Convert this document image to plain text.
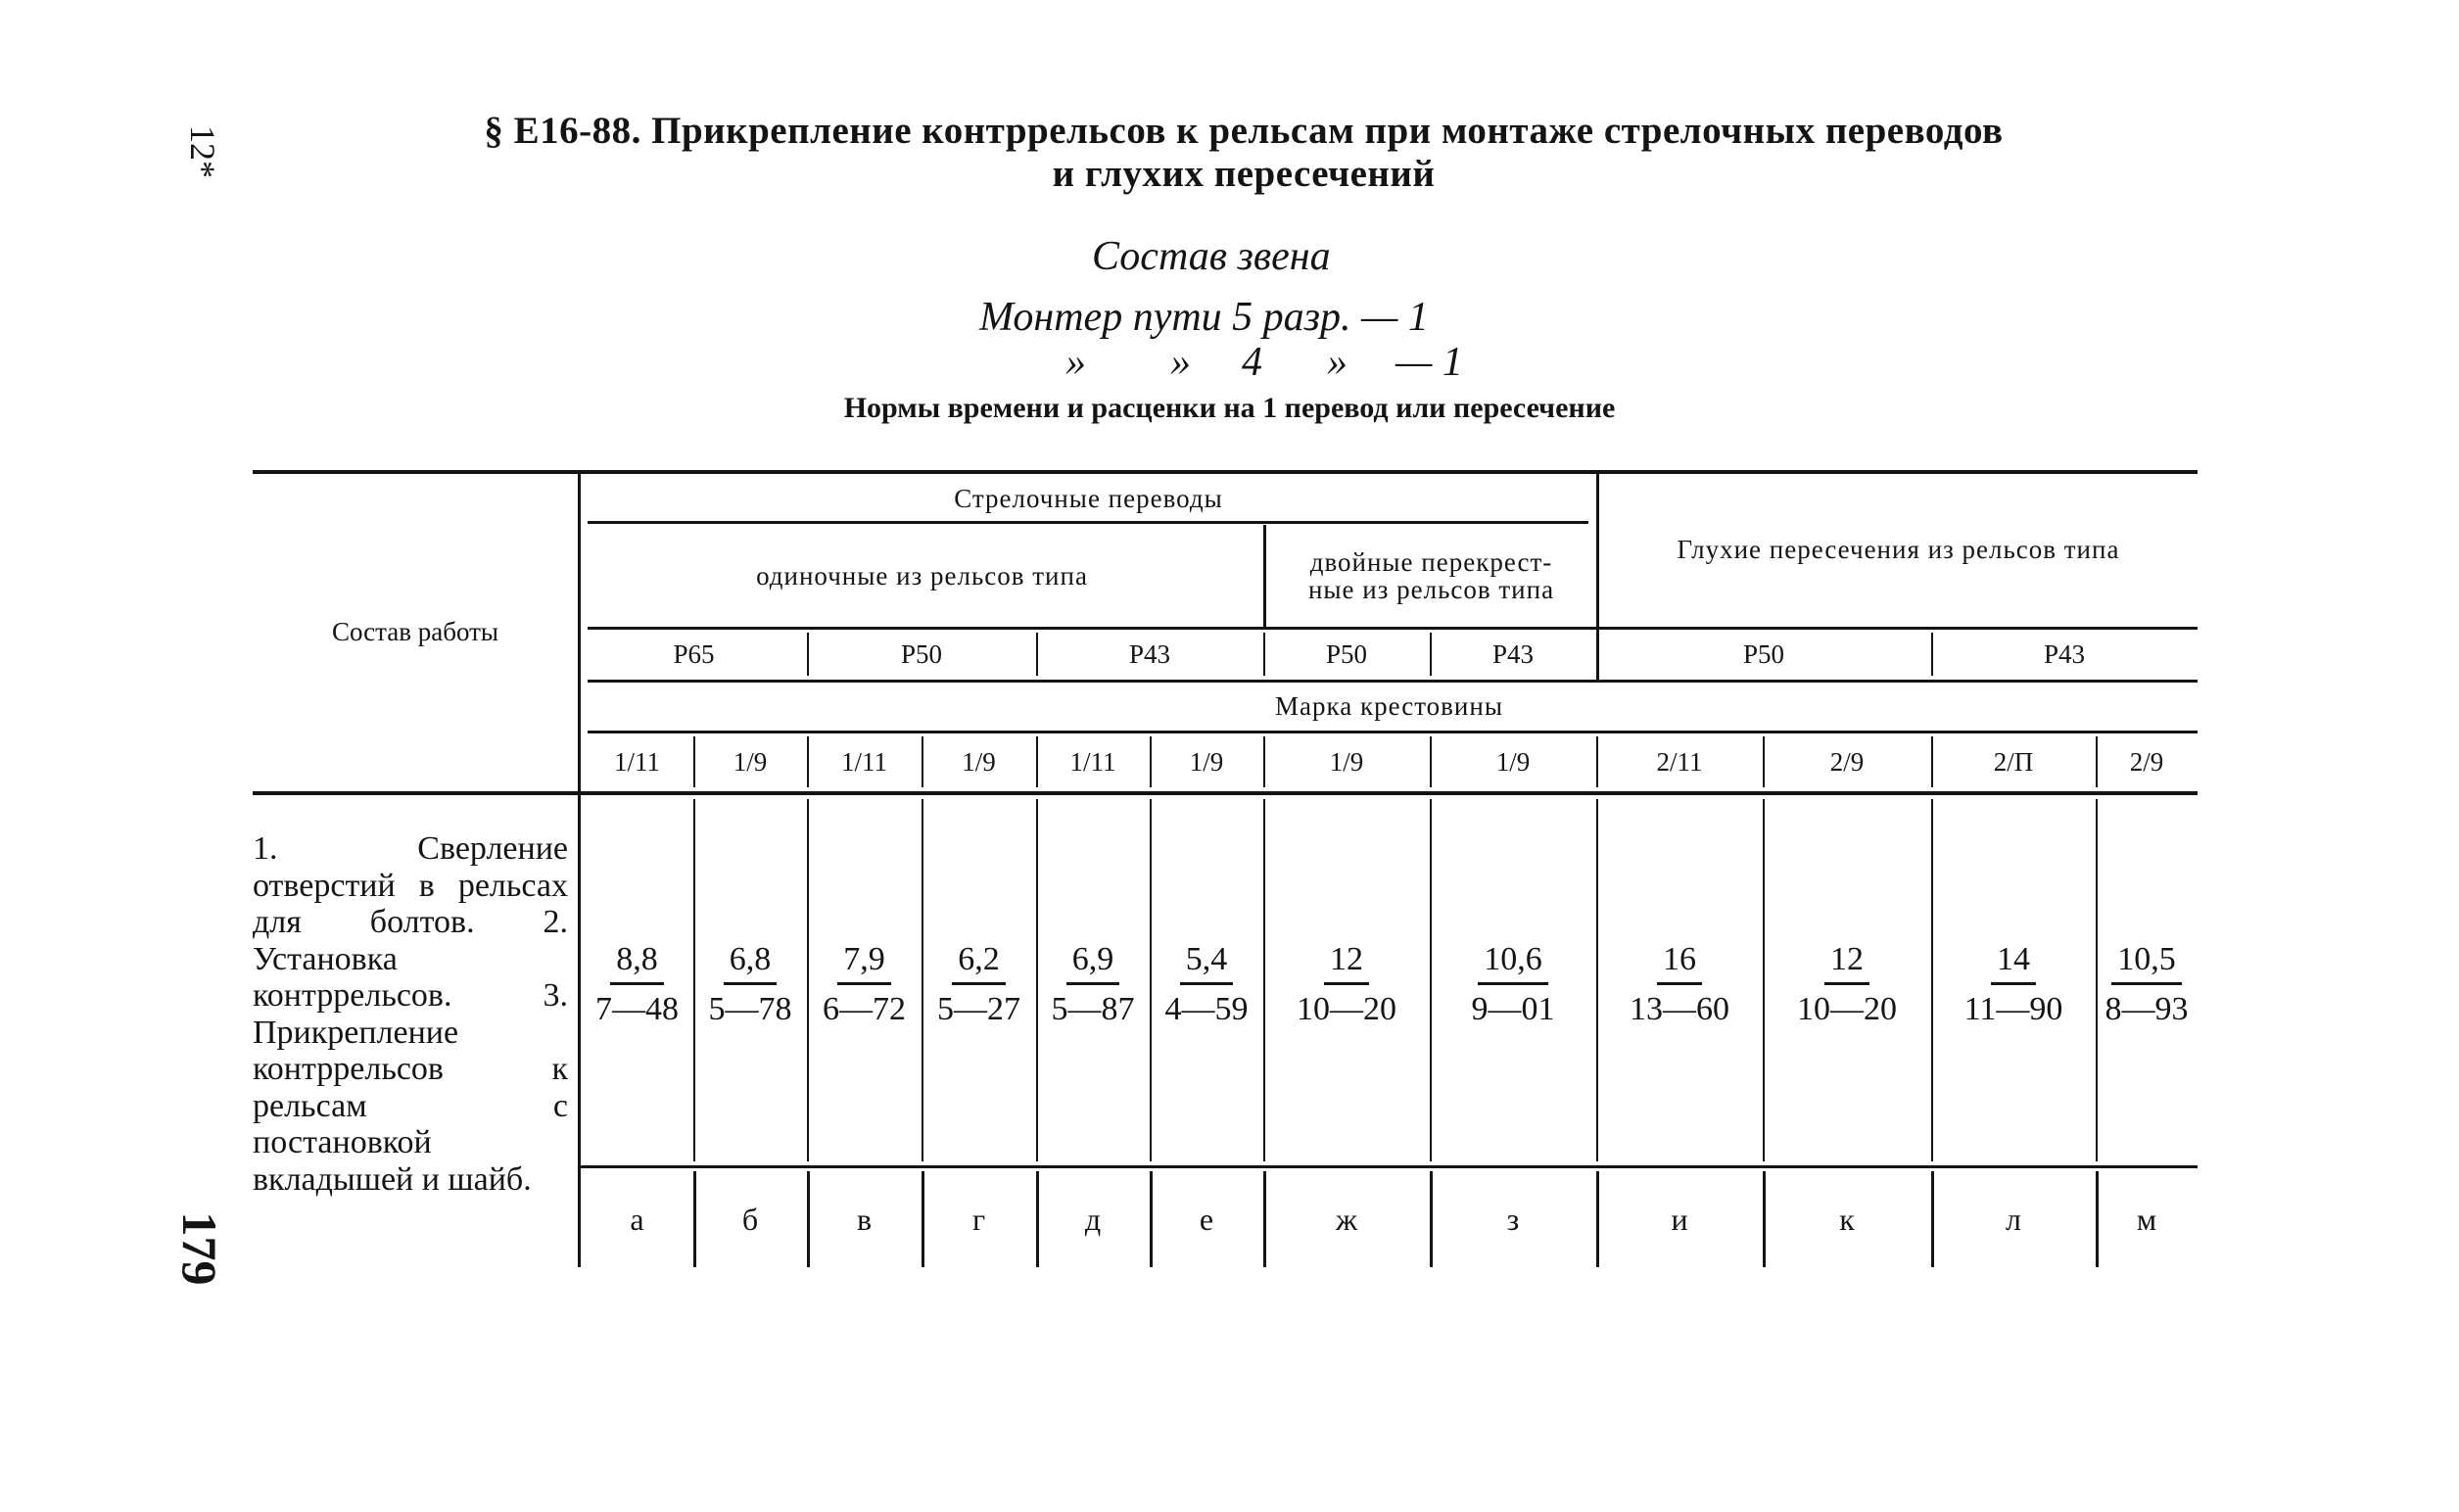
12*
179
§ Е16-88. Прикрепление контррельсов к рельсам при монтаже стрелочных переводов
и глухих пересечений
Состав звена
Монтер пути 5 разр. — 1
» » 4 » — 1
Нормы времени и расценки на 1 перевод или пересечение
Состав работы
Стрелочные переводы
Глухие пересечения из рельсов типа
одиночные из рельсов типа	двойные перекрест-
ные из рельсов типа
Марка крестовины
Р65	Р50	Р43	Р50	Р43	Р50	Р43
1/11	1/9	1/11	1/9	1/11	1/9	1/9	1/9	2/11	2/9	2/П	2/9
$\frac{8,8}{7—48} \frac{6,8}{5—78} \frac{7,9}{6—72} \frac{6,2}{5—27} \frac{6,9}{5—87} \frac{5,4}{4—59} \frac{12}{10—20} \frac{10,6}{9—01} \frac{16}{13—60} \frac{12}{10—20} \frac{14}{11—90} \frac{10,5}{8—93}$
а	б	в	г	д	е	ж	з	и	к	л	м
1. Сверление отверстий в рельсах для болтов. 2. Установка контррельсов. 3. Прикрепление контррельсов к рельсам с постановкой вкладышей и шайб.
